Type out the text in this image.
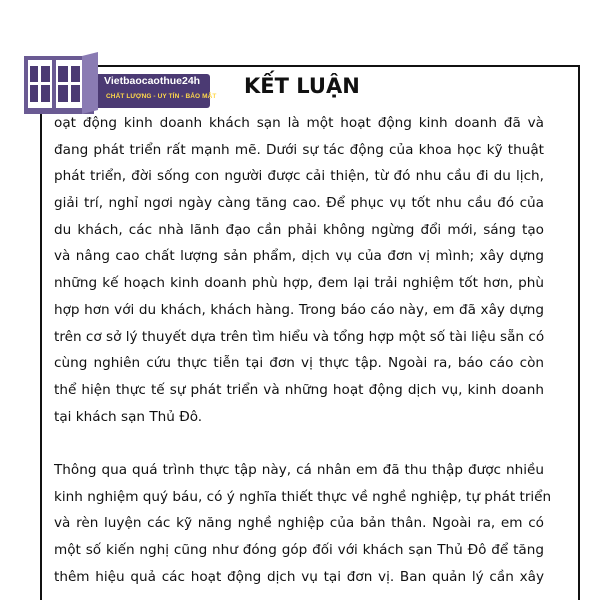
Vietbaocaothue24h
CHẤT LƯỢNG - UY TÍN - BẢO MẬT KẾT LUẬN

oạt động kinh doanh khách sạn là một hoạt động kinh doanh đã và
đang phát triển rất mạnh mẽ. Dưới sự tác động của khoa học kỹ thuật
phát triển, đời sống con người được cải thiện, từ đó nhu cầu đi du lịch,
giải trí, nghỉ ngơi ngày càng tăng cao. Để phục vụ tốt nhu cầu đó của
du khách, các nhà lãnh đạo cần phải không ngừng đổi mới, sáng tạo
và nâng cao chất lượng sản phẩm, dịch vụ của đơn vị mình; xây dựng
những kế hoạch kinh doanh phù hợp, đem lại trải nghiệm tốt hơn, phù
hợp hơn với du khách, khách hàng. Trong báo cáo này, em đã xây dựng
trên cơ sở lý thuyết dựa trên tìm hiểu và tổng hợp một số tài liệu sẵn có
cùng nghiên cứu thực tiễn tại đơn vị thực tập. Ngoài ra, báo cáo còn
thể hiện thực tế sự phát triển và những hoạt động dịch vụ, kinh doanh
tại khách sạn Thủ Đô.

Thông qua quá trình thực tập này, cá nhân em đã thu thập được nhiều
kinh nghiệm quý báu, có ý nghĩa thiết thực về nghề nghiệp, tự phát triển
và rèn luyện các kỹ năng nghề nghiệp của bản thân. Ngoài ra, em có
một số kiến nghị cũng như đóng góp đối với khách sạn Thủ Đô để tăng
thêm hiệu quả các hoạt động dịch vụ tại đơn vị. Ban quản lý cần xây
